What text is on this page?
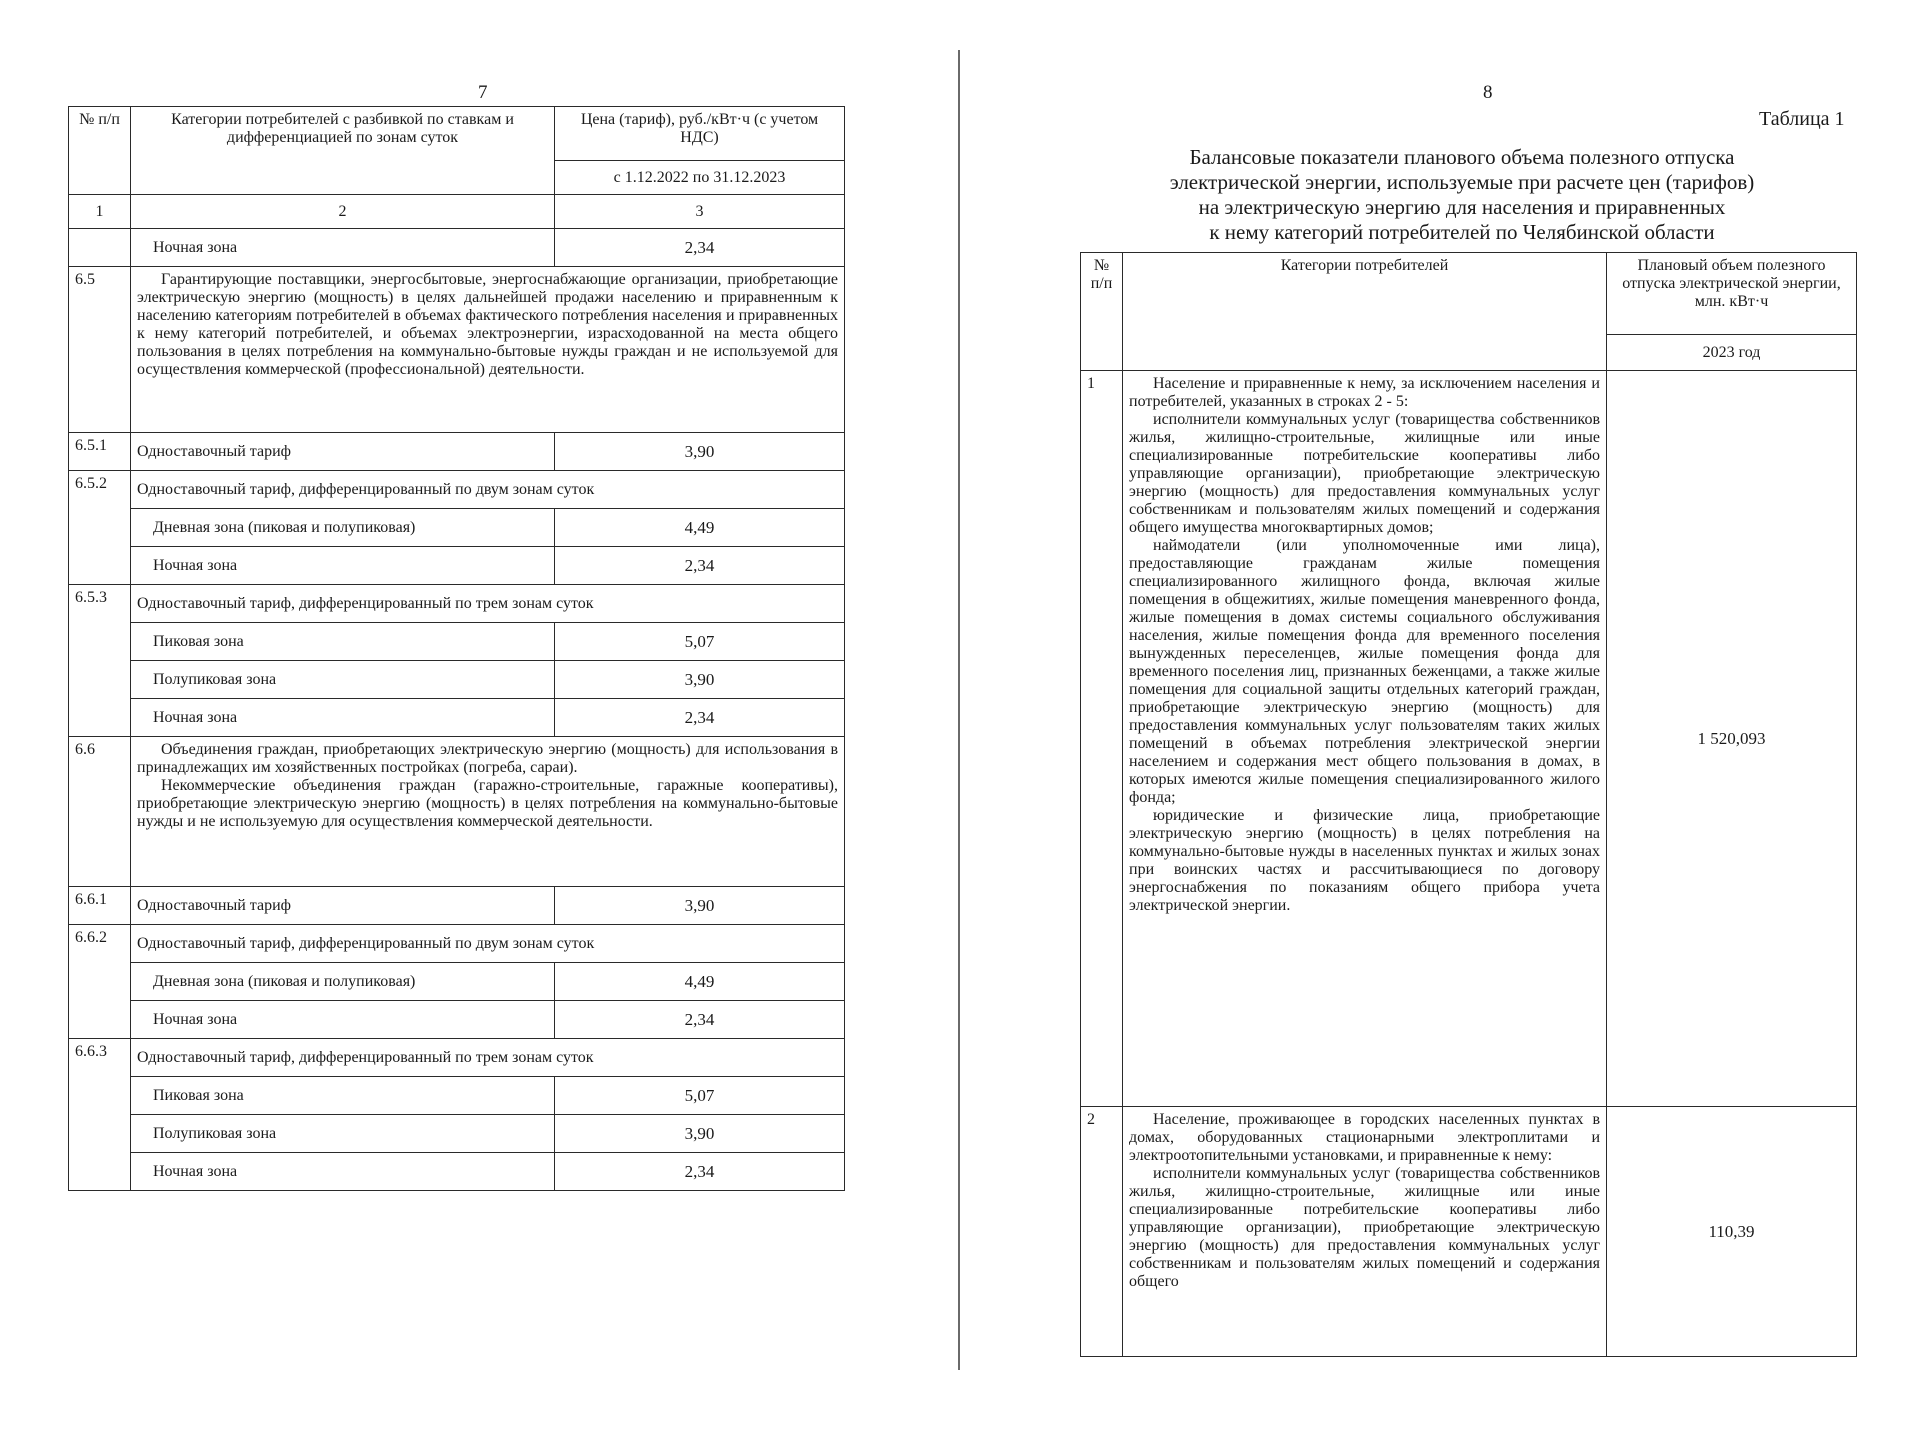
7
№ п/п	Категории потребителей с разбивкой по ставкам и дифференциацией по зонам суток	Цена (тариф), руб./кВт·ч (с учетом НДС)
		с 1.12.2022 по 31.12.2023
1	2	3
	Ночная зона	2,34
6.5	Гарантирующие поставщики, энергосбытовые, энергоснабжающие организации, приобретающие электрическую энергию (мощность) в целях дальнейшей продажи населению и приравненным к населению категориям потребителей в объемах фактического потребления населения и приравненных к нему категорий потребителей, и объемах электроэнергии, израсходованной на места общего пользования в целях потребления на коммунально-бытовые нужды граждан и не используемой для осуществления коммерческой (профессиональной) деятельности.	
6.5.1	Одноставочный тариф	3,90
6.5.2	Одноставочный тариф, дифференцированный по двум зонам суток	
	Дневная зона (пиковая и полупиковая)	4,49
	Ночная зона	2,34
6.5.3	Одноставочный тариф, дифференцированный по трем зонам суток	
	Пиковая зона	5,07
	Полупиковая зона	3,90
	Ночная зона	2,34
6.6	Объединения граждан, приобретающих электрическую энергию (мощность) для использования в принадлежащих им хозяйственных постройках (погреба, сараи).

Некоммерческие объединения граждан (гаражно-строительные, гаражные кооперативы), приобретающие электрическую энергию (мощность) в целях потребления на коммунально-бытовые нужды и не используемую для осуществления коммерческой деятельности.	

6.6.1	Одноставочный тариф	3,90
6.6.2	Одноставочный тариф, дифференцированный по двум зонам суток	
	Дневная зона (пиковая и полупиковая)	4,49
	Ночная зона	2,34
6.6.3	Одноставочный тариф, дифференцированный по трем зонам суток	
	Пиковая зона	5,07
	Полупиковая зона	3,90
	Ночная зона	2,34
8
Таблица 1
Балансовые показатели планового объема полезного отпуска
электрической энергии, используемые при расчете цен (тарифов)
на электрическую энергию для населения и приравненных
к нему категорий потребителей по Челябинской области
№ п/п	Категории потребителей	Плановый объем полезного отпуска электрической энергии, млн. кВт·ч
		2023 год
1	Население и приравненные к нему, за исключением населения и потребителей, указанных в строках 2 - 5:

исполнители коммунальных услуг (товарищества собственников жилья, жилищно-строительные, жилищные или иные специализированные потребительские кооперативы либо управляющие организации), приобретающие электрическую энергию (мощность) для предоставления коммунальных услуг собственникам и пользователям жилых помещений и содержания общего имущества многоквартирных домов;

наймодатели (или уполномоченные ими лица), предоставляющие гражданам жилые помещения специализированного жилищного фонда, включая жилые помещения в общежитиях, жилые помещения маневренного фонда, жилые помещения в домах системы социального обслуживания населения, жилые помещения фонда для временного поселения вынужденных переселенцев, жилые помещения фонда для временного поселения лиц, признанных беженцами, а также жилые помещения для социальной защиты отдельных категорий граждан, приобретающие электрическую энергию (мощность) для предоставления коммунальных услуг пользователям таких жилых помещений в объемах потребления электрической энергии населением и содержания мест общего пользования в домах, в которых имеются жилые помещения специализированного жилого фонда;

юридические и физические лица, приобретающие электрическую энергию (мощность) в целях потребления на коммунально-бытовые нужды в населенных пунктах и жилых зонах при воинских частях и рассчитывающиеся по договору энергоснабжения по показаниям общего прибора учета электрической энергии.	1 520,093
2	Население, проживающее в городских населенных пунктах в домах, оборудованных стационарными электроплитами и электроотопительными установками, и приравненные к нему:

исполнители коммунальных услуг (товарищества собственников жилья, жилищно-строительные, жилищные или иные специализированные потребительские кооперативы либо управляющие организации), приобретающие электрическую энергию (мощность) для предоставления коммунальных услуг собственникам и пользователям жилых помещений и содержания общего	110,39
